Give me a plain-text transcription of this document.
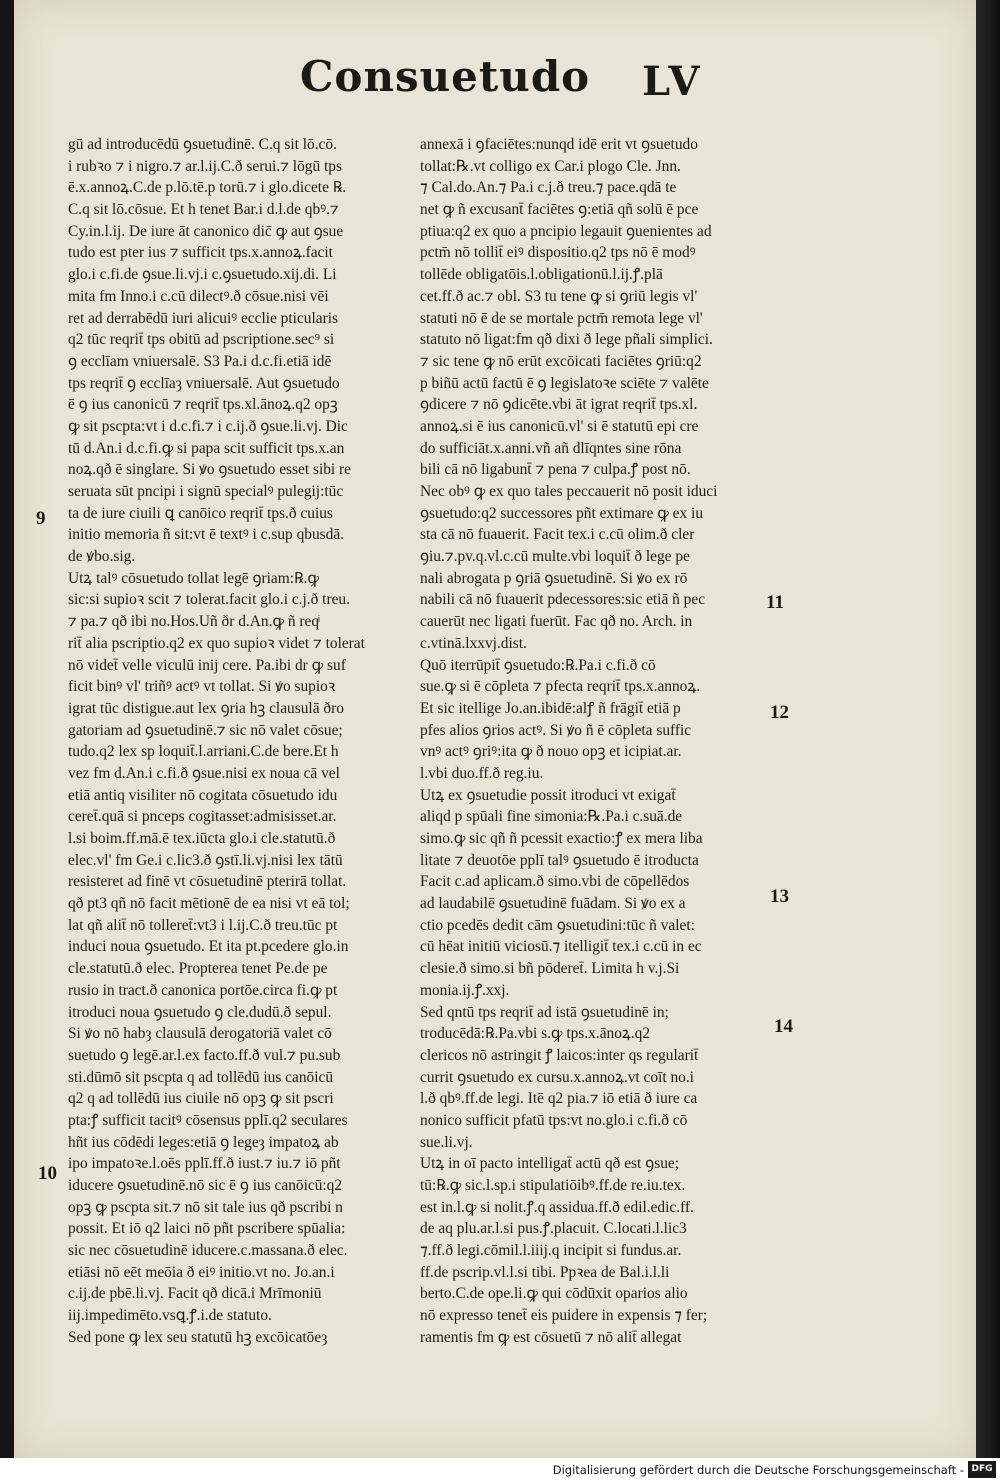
Consuetudo	LV
gū ad introducēdū ꝯsuetudinē. C.q sit lō.cō.
i rubꝛo ⁊ i nigro.⁊ ar.l.ij.C.ð serui.⁊ lōgū tps
ē.x.annoꝝ.C.de p.lō.tē.p torū.⁊ i glo.dicete ℞.
C.q sit lō.cōsue. Et h tenet Bar.i d.l.de qbꝰ.⁊
Cy.in.l.ij. De iure āt canonico dic̄ ꝙ aut ꝯsue
tudo est pter ius ⁊ sufficit tps.x.annoꝝ.facit
glo.i c.fi.de ꝯsue.li.vj.i c.ꝯsuetudo.xij.di. Li
mita fm Inno.i c.cū dilectꝰ.ð cōsue.nisi vēi
ret ad derrabēdū iuri alicuiꝰ ecclie pticularis
q2 tūc reqrit̄ tps obitū ad pscriptione.sec⁹ si
ꝯ ecclīam vniuersalē. S3 Pa.i d.c.fi.etiā idē
tps reqrit̄ ꝯ ecclīaȝ vniuersalē. Aut ꝯsuetudo
ē ꝯ ius canonicū ⁊ reqrit̄ tps.xl.ānoꝝ.q2 opꝫ
ꝙ sit pscpta:vt i d.c.fi.⁊ i c.ij.ð ꝯsue.li.vj. Dic
tū d.An.i d.c.fi.ꝙ si papa scit sufficit tps.x.an
noꝝ.qð ē singlare. Si ꝟo ꝯsuetudo esset sibi re
seruata sūt pncipi i signū specialꝰ pulegij:tūc
ta de iure ciuili ꝗ canōico reqrit̄ tps.ð cuius
initio memoria ñ sit:vt ē textꝰ i c.sup qbusdā.
de ꝟbo.sig.
Utꝝ talꝰ cōsuetudo tollat legē ꝯriam:℞.ꝙ
sic:si supioꝛ scit ⁊ tolerat.facit glo.i c.j.ð treu.
⁊ pa.⁊ qð ibi no.Hos.Uñ ðr d.An.ꝙ ñ reqͥ
rit̄ alia pscriptio.q2 ex quo supioꝛ videt ⁊ tolerat
nō videt̄ velle viculū inij cere. Pa.ibi dr ꝙ suf
ficit binꝰ vl' triñꝰ actꝰ vt tollat. Si ꝟo supioꝛ
igrat tūc distigue.aut lex ꝯria hꝫ clausulā ðro
gatoriam ad ꝯsuetudinē.⁊ sic nō valet cōsue;
tudo.q2 lex sp loquit̄.l.arriani.C.de bere.Et h
vez fm d.An.i c.fi.ð ꝯsue.nisi ex noua cā vel
etiā antiq visiliter nō cogitata cōsuetudo idu
ceret̄.quā si pnceps cogitasset:admisisset.ar.
l.si boim.ff.mā.ē tex.iūcta glo.i cle.statutū.ð
elec.vl' fm Ge.i c.lic3.ð ꝯstī.li.vj.nisi lex tātū
resisteret ad finē vt cōsuetudinē pterirā tollat.
qð pt3 qñ nō facit mētionē de ea nisi vt eā tol;
lat qñ alit̄ nō tolleret̄:vt3 i l.ij.C.ð treu.tūc pt
induci noua ꝯsuetudo. Et ita pt.pcedere glo.in
cle.statutū.ð elec. Propterea tenet Pe.de pe
rusio in tract.ð canonica portōe.circa fi.ꝙ pt
itroduci noua ꝯsuetudo ꝯ cle.dudū.ð sepul.
Si ꝟo nō habȝ clausulā derogatoriā valet cō
suetudo ꝯ legē.ar.l.ex facto.ff.ð vul.⁊ pu.sub
sti.dūmō sit pscpta q ad tollēdū ius canōicū
q2 q ad tollēdū ius ciuile nō opꝫ ꝙ sit pscri
pta:ꝭ sufficit tacitꝰ cōsensus pplī.q2 seculares
hñt ius cōdēdi leges:etiā ꝯ legeȝ impatoꝝ ab
ipo impatoꝛe.l.oēs pplī.ff.ð iust.⁊ iu.⁊ iō pñt
iducere ꝯsuetudinē.nō sic ē ꝯ ius canōicū:q2
opꝫ ꝙ pscpta sit.⁊ nō sit tale ius qð pscribi n
possit. Et iō q2 laici nō pñt pscribere spūalia:
sic nec cōsuetudinē iducere.c.massana.ð elec.
etiāsi nō eēt meōia ð eiꝰ initio.vt no. Jo.an.i
c.ij.de pbē.li.vj. Facit qð dicā.i Mrīmoniū
iij.impedimēto.vsꝗ.ꝭ.i.de statuto.
Sed pone ꝙ lex seu statutū hꝫ excōicatōeȝ
annexā i ꝯfaciētes:nunqd idē erit vt ꝯsuetudo
tollat:℞.vt colligo ex Car.i plogo Cle. Jnn.
⁊ Cal.do.An.⁊ Pa.i c.j.ð treu.⁊ pace.qdā te
net ꝙ ñ excusant̄ faciētes ꝯ:etiā qñ solū ē pce
ptiua:q2 ex quo a pncipio legauit ꝯuenientes ad
pctm̄ nō tollit̄ eiꝰ dispositio.q2 tps nō ē modꝰ
tollēde obligatōis.l.obligationū.l.ij.ꝭ.plā
cet.ff.ð ac.⁊ obl. S3 tu tene ꝙ si ꝯriū legis vl'
statuti nō ē de se mortale pctm̄ remota lege vl'
statuto nō ligat:fm qð dixi ð lege pñali simplici.
⁊ sic tene ꝙ nō erūt excōicati faciētes ꝯriū:q2
p biñū actū factū ē ꝯ legislatoꝛe sciēte ⁊ valēte
ꝯdicere ⁊ nō ꝯdicēte.vbi āt igrat reqrit̄ tps.xl.
annoꝝ.si ē ius canonicū.vl' si ē statutū epi cre
do sufficiāt.x.anni.vñ añ dlīqntes sine rōna
bili cā nō ligabunt̄ ⁊ pena ⁊ culpa.ꝭ post nō.
Nec obꝰ ꝙ ex quo tales peccauerit nō posit iduci
ꝯsuetudo:q2 successores pñt extimare ꝙ ex iu
sta cā nō fuauerit. Facit tex.i c.cū olim.ð cler
ꝯiu.⁊.pv.q.vl.c.cū multe.vbi loquit̄ ð lege pe
nali abrogata p ꝯriā ꝯsuetudinē. Si ꝟo ex rō
nabili cā nō fuauerit pdecessores:sic etiā ñ pec
cauerūt nec ligati fuerūt. Fac qð no. Arch. in
c.vtinā.lxxvj.dist.
Quō iterrūpit̄ ꝯsuetudo:℞.Pa.i c.fi.ð cō
sue.ꝙ si ē cōpleta ⁊ pfecta reqrit̄ tps.x.annoꝝ.
Et sic itellige Jo.an.ibidē:alꝭ ñ frāgit̄ etiā p
pfes alios ꝯrios actꝰ. Si ꝟo ñ ē cōpleta suffic
vnꝰ actꝰ ꝯriꝰ:ita ꝙ ð nouo opꝫ et icipiat.ar.
l.vbi duo.ff.ð reg.iu.
Utꝝ ex ꝯsuetudie possit itroduci vt exigat̄
aliqd p spūali fine simonia:℞.Pa.i c.suā.de
simo.ꝙ sic qñ ñ pcessit exactio:ꝭ ex mera liba
litate ⁊ deuotōe pplī talꝰ ꝯsuetudo ē itroducta
Facit c.ad aplicam.ð simo.vbi de cōpellēdos
ad laudabilē ꝯsuetudinē fuādam. Si ꝟo ex a
ctio pcedēs dedit cām ꝯsuetudini:tūc ñ valet:
cū hēat initiū viciosū.⁊ itelligit̄ tex.i c.cū in ec
clesie.ð simo.si bñ pōderet̄. Limita h v.j.Si
monia.ij.ꝭ.xxj.
Sed qntū tps reqrit̄ ad istā ꝯsuetudinē in;
troducēdā:℞.Pa.vbi s.ꝙ tps.x.ānoꝝ.q2
clericos nō astringit ꝭ laicos:inter qs regularit̄
currit ꝯsuetudo ex cursu.x.annoꝝ.vt coīt no.i
l.ð qbꝰ.ff.de legi. Itē q2 pia.⁊ iō etiā ð iure ca
nonico sufficit pfatū tps:vt no.glo.i c.fi.ð cō
sue.li.vj.
Utꝝ in oī pacto intelligat̄ actū qð est ꝯsue;
tū:℞.ꝙ sic.l.sp.i stipulatiōibꝰ.ff.de re.iu.tex.
est in.l.ꝙ si nolit.ꝭ.q assidua.ff.ð edil.edic.ff.
de aq plu.ar.l.si pus.ꝭ.placuit. C.locati.l.lic3
⁊.ff.ð legi.cōmil.l.iiij.q incipit si fundus.ar.
ff.de pscrip.vl.l.si tibi. Ppꝛea de Bal.i.l.li
berto.C.de ope.li.ꝙ qui cōdūxit oparios alio
nō expresso tenet̄ eis puidere in expensis ⁊ fer;
ramentis fm ꝙ est cōsuetū ⁊ nō alit̄ allegat
9
10
11
12
13
14
Digitalisierung gefördert durch die Deutsche Forschungsgemeinschaft - DFG
